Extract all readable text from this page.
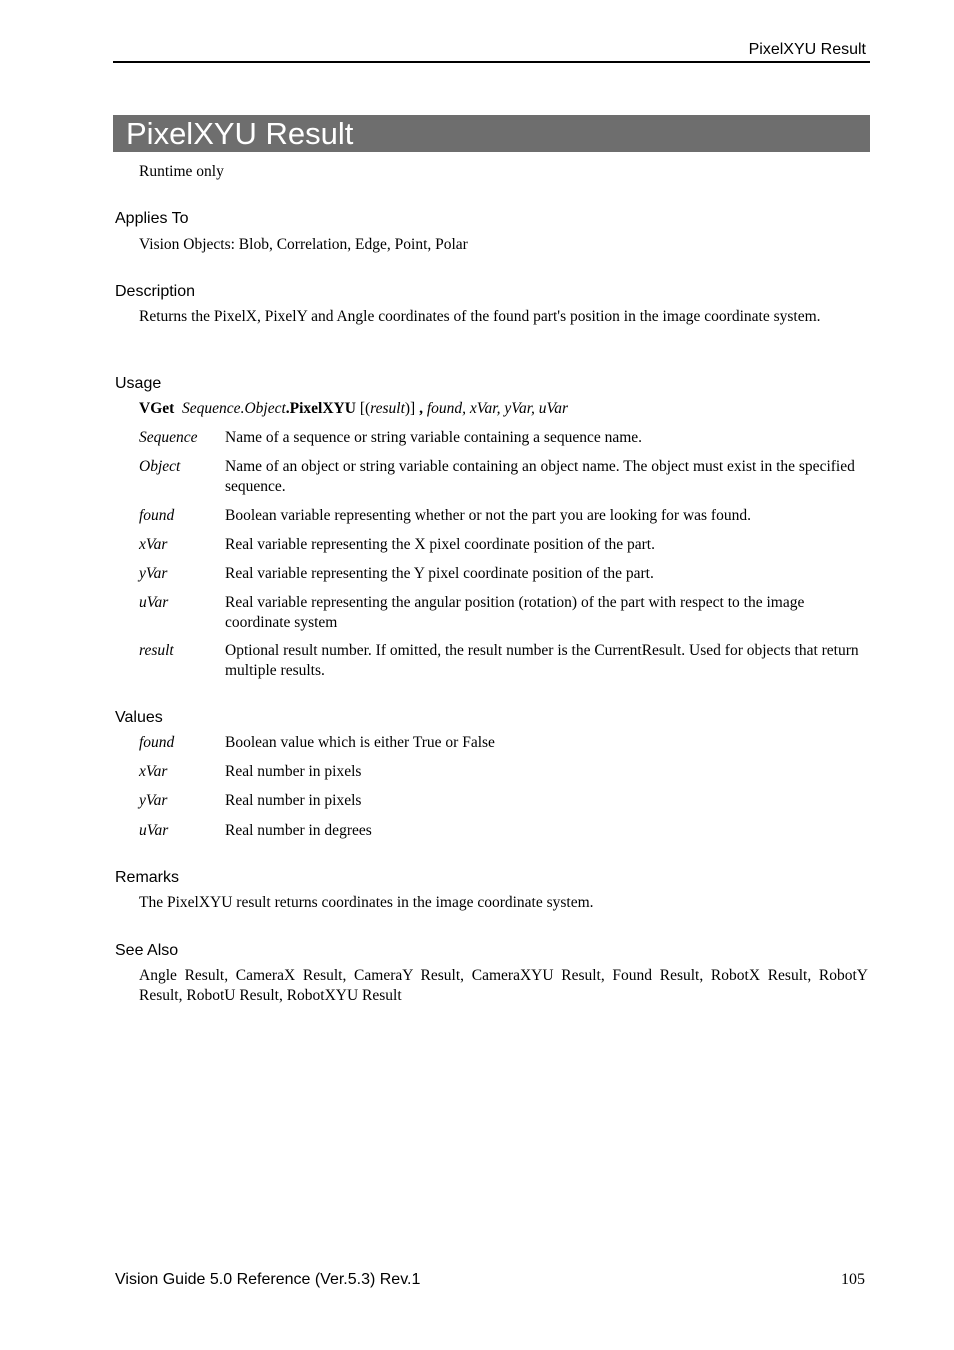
PixelXYU Result
PixelXYU Result
Runtime only
Applies To
Vision Objects: Blob, Correlation, Edge, Point, Polar
Description
Returns the PixelX, PixelY and Angle coordinates of the found part's position in the image coordinate system.
Usage
VGet Sequence.Object.PixelXYU [(result)] , found, xVar, yVar, uVar
Sequence Name of a sequence or string variable containing a sequence name.
Object	Name of an object or string variable containing an object name. The object must exist in the specified sequence.
found	Boolean variable representing whether or not the part you are looking for was found.
xVar	Real variable representing the X pixel coordinate position of the part.
yVar	Real variable representing the Y pixel coordinate position of the part.
uVar	Real variable representing the angular position (rotation) of the part with respect to the image coordinate system
result	Optional result number. If omitted, the result number is the CurrentResult. Used for objects that return multiple results.
Values
found	Boolean value which is either True or False
xVar	Real number in pixels
yVar	Real number in pixels
uVar	Real number in degrees
Remarks
The PixelXYU result returns coordinates in the image coordinate system.
See Also
Angle Result, CameraX Result, CameraY Result, CameraXYU Result, Found Result, RobotX Result, RobotY Result, RobotU Result, RobotXYU Result
Vision Guide 5.0 Reference (Ver.5.3) Rev.1	105
